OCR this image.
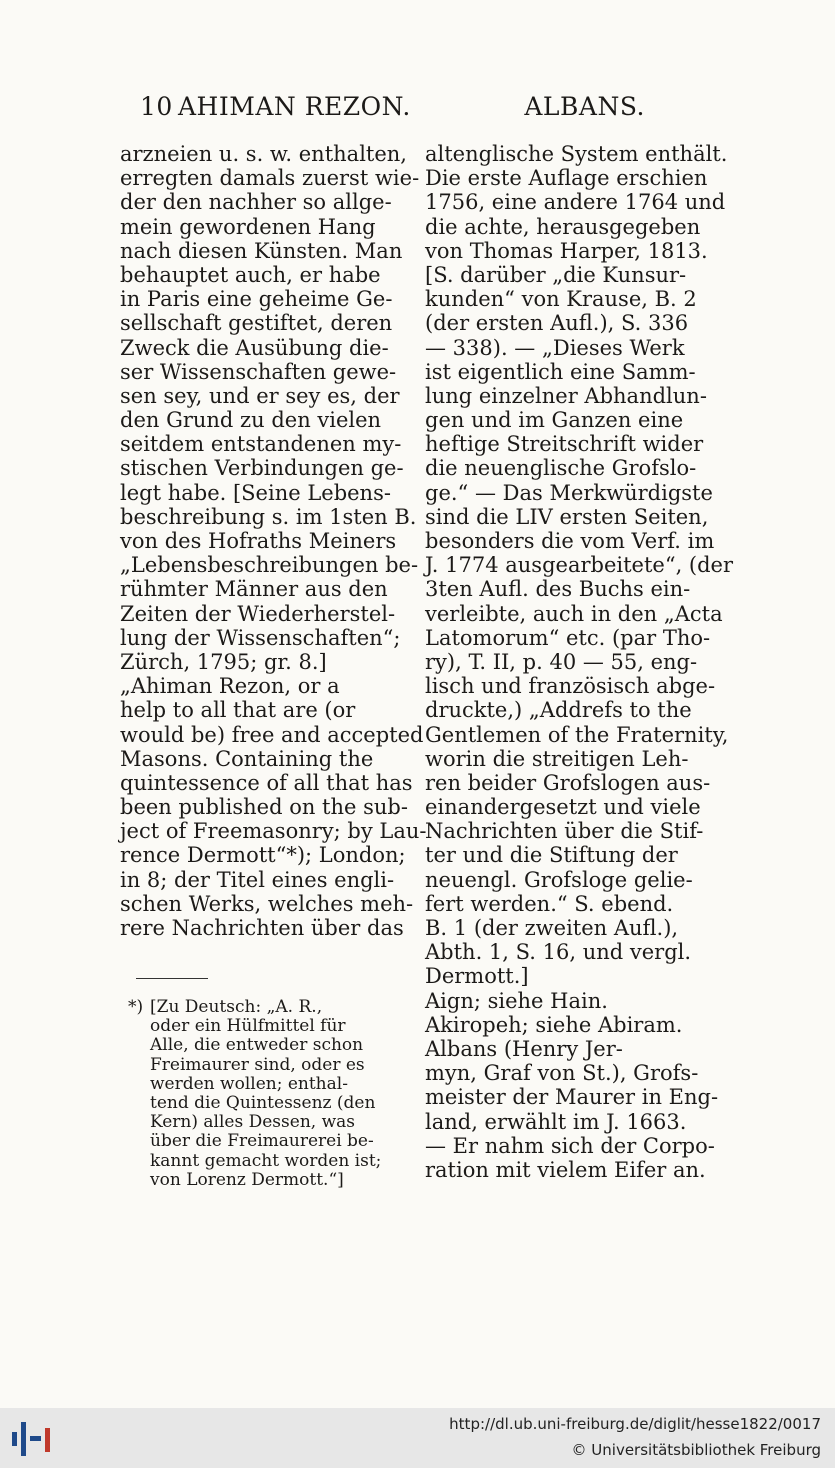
10 AHIMAN REZON.	ALBANS.
arzneien u. s. w. enthalten,
erregten damals zuerst wie-
der den nachher so allge-
mein gewordenen Hang
nach diesen Künsten. Man
behauptet auch, er habe
in Paris eine geheime Ge-
sellschaft gestiftet, deren
Zweck die Ausübung die-
ser Wissenschaften gewe-
sen sey, und er sey es, der
den Grund zu den vielen
seitdem entstandenen my-
stischen Verbindungen ge-
legt habe. [Seine Lebens-
beschreibung s. im 1sten B.
von des Hofraths Meiners
„Lebensbeschreibungen be-
rühmter Männer aus den
Zeiten der Wiederherstel-
lung der Wissenschaften“;
Zürch, 1795; gr. 8.]
„Ahiman Rezon, or a
help to all that are (or
would be) free and accepted
Masons. Containing the
quintessence of all that has
been published on the sub-
ject of Freemasonry; by Lau-
rence Dermott“*); London;
in 8; der Titel eines engli-
schen Werks, welches meh-
rere Nachrichten über das
altenglische System enthält.
Die erste Auflage erschien
1756, eine andere 1764 und
die achte, herausgegeben
von Thomas Harper, 1813.
[S. darüber „die Kunsur-
kunden“ von Krause, B. 2
(der ersten Aufl.), S. 336
— 338). — „Dieses Werk
ist eigentlich eine Samm-
lung einzelner Abhandlun-
gen und im Ganzen eine
heftige Streitschrift wider
die neuenglische Grofslo-
ge.“ — Das Merkwürdigste
sind die LIV ersten Seiten,
besonders die vom Verf. im
J. 1774 ausgearbeitete“, (der
3ten Aufl. des Buchs ein-
verleibte, auch in den „Acta
Latomorum“ etc. (par Tho-
ry), T. II, p. 40 — 55, eng-
lisch und französisch abge-
druckte,) „Addrefs to the
Gentlemen of the Fraternity,
worin die streitigen Leh-
ren beider Grofslogen aus-
einandergesetzt und viele
Nachrichten über die Stif-
ter und die Stiftung der
neuengl. Grofsloge gelie-
fert werden.“ S. ebend.
B. 1 (der zweiten Aufl.),
Abth. 1, S. 16, und vergl.
Dermott.]
Aign; siehe Hain.
Akiropeh; siehe Abiram.
Albans (Henry Jer-
myn, Graf von St.), Grofs-
meister der Maurer in Eng-
land, erwählt im J. 1663.
— Er nahm sich der Corpo-
ration mit vielem Eifer an.
*) [Zu Deutsch: „A. R.,
oder ein Hülfmittel für
Alle, die entweder schon
Freimaurer sind, oder es
werden wollen; enthal-
tend die Quintessenz (den
Kern) alles Dessen, was
über die Freimaurerei be-
kannt gemacht worden ist;
von Lorenz Dermott.“]
http://dl.ub.uni-freiburg.de/diglit/hesse1822/0017
© Universitätsbibliothek Freiburg
